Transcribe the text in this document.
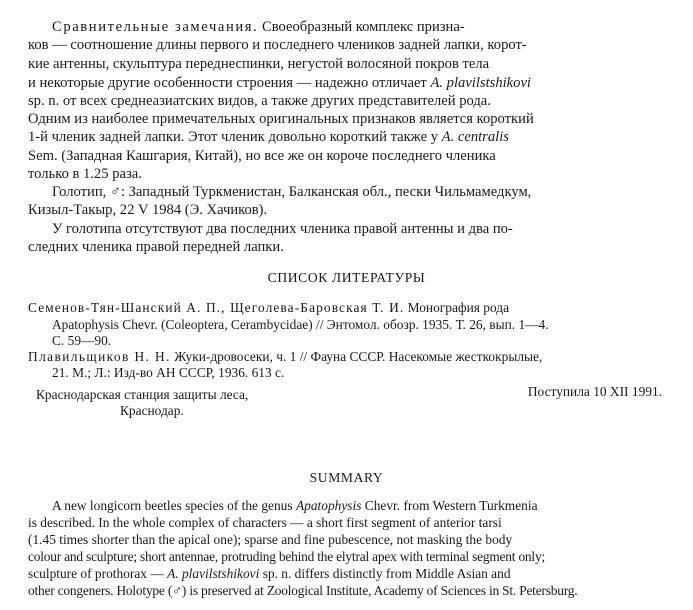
Сравнительные замечания. Своеобразный комплекс призна-
ков — соотношение длины первого и последнего члеников задней лапки, корот-
кие антенны, скульптура переднеспинки, негустой волосяной покров тела
и некоторые другие особенности строения — надежно отличает A. plavilstshikovi
sp. n. от всех среднеазиатских видов, а также других представителей рода.
Одним из наиболее примечательных оригинальных признаков является короткий
1-й членик задней лапки. Этот членик довольно короткий также у A. centralis
Sem. (Западная Кашгария, Китай), но все же он короче последнего членика
только в 1.25 раза.
Голотип, ♂: Западный Туркменистан, Балканская обл., пески Чильмамедкум,
Кизыл-Такыр, 22 V 1984 (Э. Хачиков).
У голотипа отсутствуют два последних членика правой антенны и два по-
следних членика правой передней лапки.
СПИСОК ЛИТЕРАТУРЫ
Семенов-Тян-Шанский А. П., Щеголева-Баровская Т. И. Монография рода
Apatophysis Chevr. (Coleoptera, Cerambycidae) // Энтомол. обозр. 1935. Т. 26, вып. 1—4.
С. 59—90.
Плавильщиков Н. Н. Жуки-дровосеки, ч. 1 // Фауна СССР. Насекомые жесткокрылые,
21. М.; Л.: Изд-во АН СССР, 1936. 613 с.
Краснодарская станция защиты леса,
Краснодар.
Поступила 10 XII 1991.
SUMMARY
A new longicorn beetles species of the genus Apatophysis Chevr. from Western Turkmenia
is described. In the whole complex of characters — a short first segment of anterior tarsi
(1.45 times shorter than the apical one); sparse and fine pubescence, not masking the body
colour and sculpture; short antennae, protruding behind the elytral apex with terminal segment only;
sculpture of prothorax — A. plavilstshikovi sp. n. differs distinctly from Middle Asian and
other congeners. Holotype (♂) is preserved at Zoological Institute, Academy of Sciences in St. Petersburg.
